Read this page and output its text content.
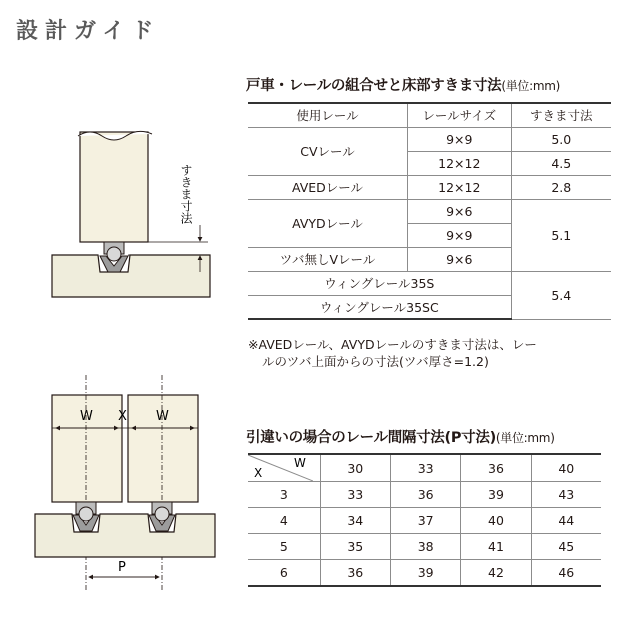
設計ガイド
すきま寸法
W X W
P
戸車・レールの組合せと床部すきま寸法(単位:mm)
使用レール	レールサイズ	すきま寸法
CVレール	9×9	5.0
	12×12	4.5
AVEDレール	12×12	2.8
AVYDレール	9×6	5.1
	9×9	
ツバ無しVレール	9×6	
ウィングレール35S		5.4
ウィングレール35SC		
※AVEDレール、AVYDレールのすきま寸法は、レー
ルのツバ上面からの寸法(ツバ厚さ=1.2)
引違いの場合のレール間隔寸法(P寸法)(単位:mm)
X
W	30	33	36	40
3	33	36	39	43
4	34	37	40	44
5	35	38	41	45
6	36	39	42	46
